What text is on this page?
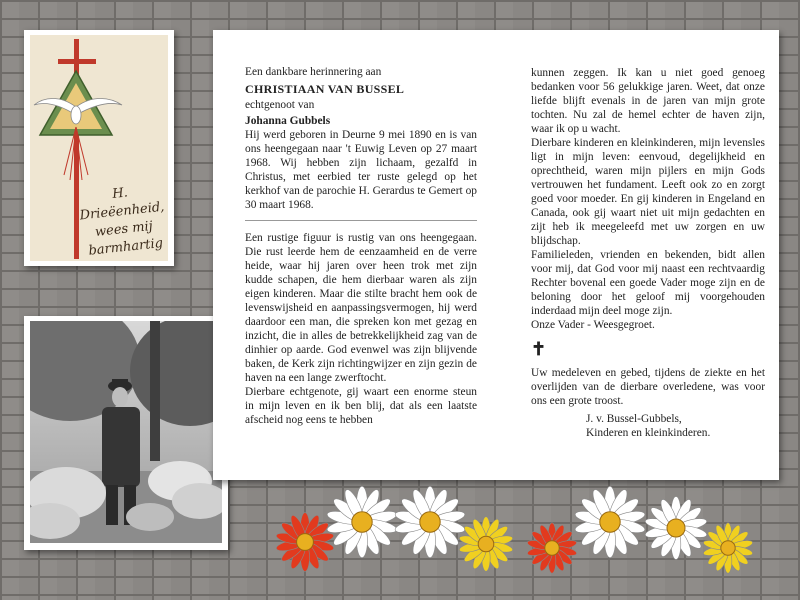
H. Drieëenheid,
wees mij
barmhartig

Een dankbare herinnering aan

CHRISTIAAN VAN BUSSEL

echtgenoot van

Johanna Gubbels

Hij werd geboren in Deurne 9 mei 1890 en is van ons heengegaan naar 't Euwig Leven op 27 maart 1968. Wij hebben zijn lichaam, gezalfd in Christus, met eerbied ter ruste gelegd op het kerkhof van de parochie H. Gerardus te Gemert op 30 maart 1968.

Een rustige figuur is rustig van ons heengegaan. Die rust leerde hem de eenzaamheid en de verre heide, waar hij jaren over heen trok met zijn kudde schapen, die hem dierbaar waren als zijn eigen kinderen. Maar die stilte bracht hem ook de levenswijsheid en aanpassingsvermogen, hij werd daardoor een man, die spreken kon met gezag en inzicht, die in alles de betrekkelijkheid zag van de dinhier op aarde. God evenwel was zijn blijvende baken, de Kerk zijn richtingwijzer en zijn gezin de haven na een lange zwerftocht.

Dierbare echtgenote, gij waart een enorme steun in mijn leven en ik ben blij, dat als een laatste afscheid nog eens te hebben

kunnen zeggen. Ik kan u niet goed genoeg bedanken voor 56 gelukkige jaren. Weet, dat onze liefde blijft evenals in de jaren van mijn grote tochten. Nu zal de hemel echter de haven zijn, waar ik op u wacht.

Dierbare kinderen en kleinkinderen, mijn levensles ligt in mijn leven: eenvoud, degelijkheid en oprechtheid, waren mijn pijlers en mijn Gods vertrouwen het fundament. Leeft ook zo en zorgt goed voor moeder. En gij kinderen in Engeland en Canada, ook gij waart niet uit mijn gedachten en zijt heb ik meegeleefd met uw zorgen en uw blijdschap.

Familieleden, vrienden en bekenden, bidt allen voor mij, dat God voor mij naast een rechtvaardig Rechter bovenal een goede Vader moge zijn en de beloning door het geloof mij voorgehouden inderdaad mijn deel moge zijn.

Onze Vader - Weesgegroet.

✝

Uw medeleven en gebed, tijdens de ziekte en het overlijden van de dierbare overledene, was voor ons een grote troost.

J. v. Bussel-Gubbels,

Kinderen en kleinkinderen.
